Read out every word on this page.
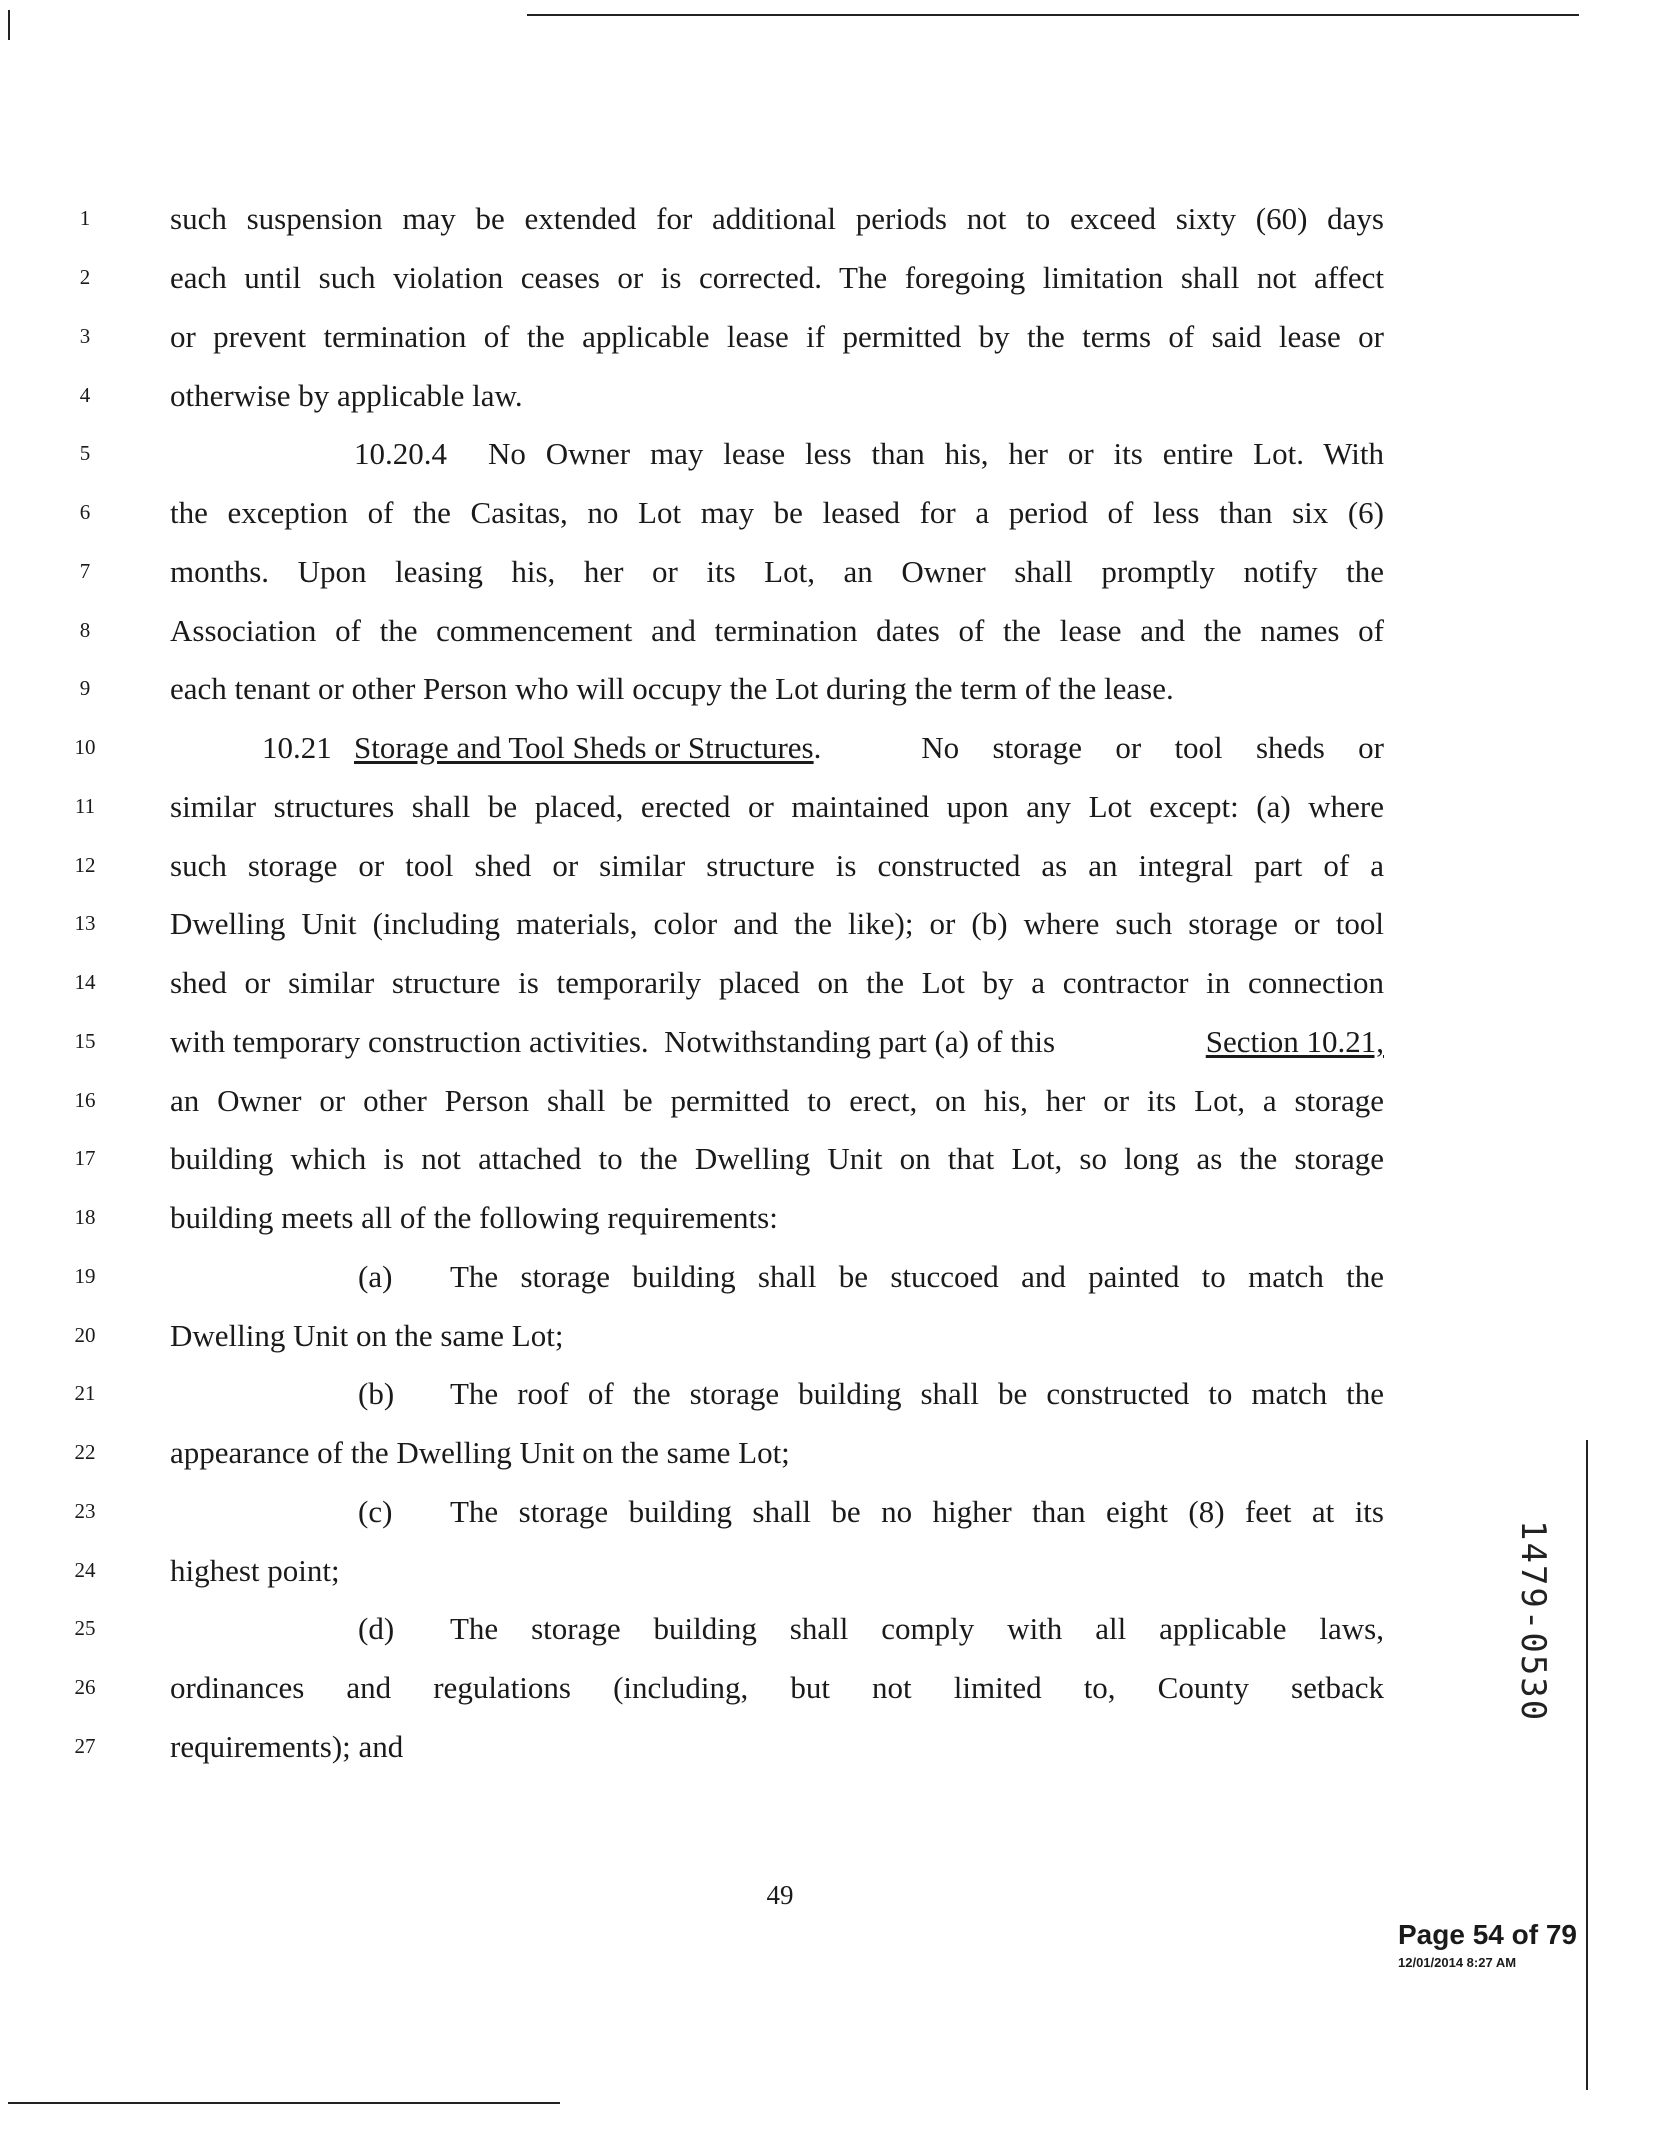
1
2
3
4
5
6
7
8
9
10
11
12
13
14
15
16
17
18
19
20
21
22
23
24
25
26
27
such suspension may be extended for additional periods not to exceed sixty (60) days
each until such violation ceases or is corrected. The foregoing limitation shall not affect
or prevent termination of the applicable lease if permitted by the terms of said lease or
otherwise by applicable law.
10.20.4 No Owner may lease less than his, her or its entire Lot. With
the exception of the Casitas, no Lot may be leased for a period of less than six (6)
months. Upon leasing his, her or its Lot, an Owner shall promptly notify the
Association of the commencement and termination dates of the lease and the names of
each tenant or other Person who will occupy the Lot during the term of the lease.
10.21 Storage and Tool Sheds or Structures .   No storage or tool sheds or
similar structures shall be placed, erected or maintained upon any Lot except: (a) where
such storage or tool shed or similar structure is constructed as an integral part of a
Dwelling Unit (including materials, color and the like); or (b) where such storage or tool
shed or similar structure is temporarily placed on the Lot by a contractor in connection
with temporary construction activities.  Notwithstanding part (a) of this	Section 10.21,
an Owner or other Person shall be permitted to erect, on his, her or its Lot, a storage
building which is not attached to the Dwelling Unit on that Lot, so long as the storage
building meets all of the following requirements:
(a) The storage building shall be stuccoed and painted to match the
Dwelling Unit on the same Lot;
(b) The roof of the storage building shall be constructed to match the
appearance of the Dwelling Unit on the same Lot;
(c) The storage building shall be no higher than eight (8) feet at its
highest point;
(d) The storage building shall comply with all applicable laws,
ordinances and regulations (including, but not limited to, County setback
requirements); and
1479-0530
49
Page 54 of 79
12/01/2014 8:27 AM
